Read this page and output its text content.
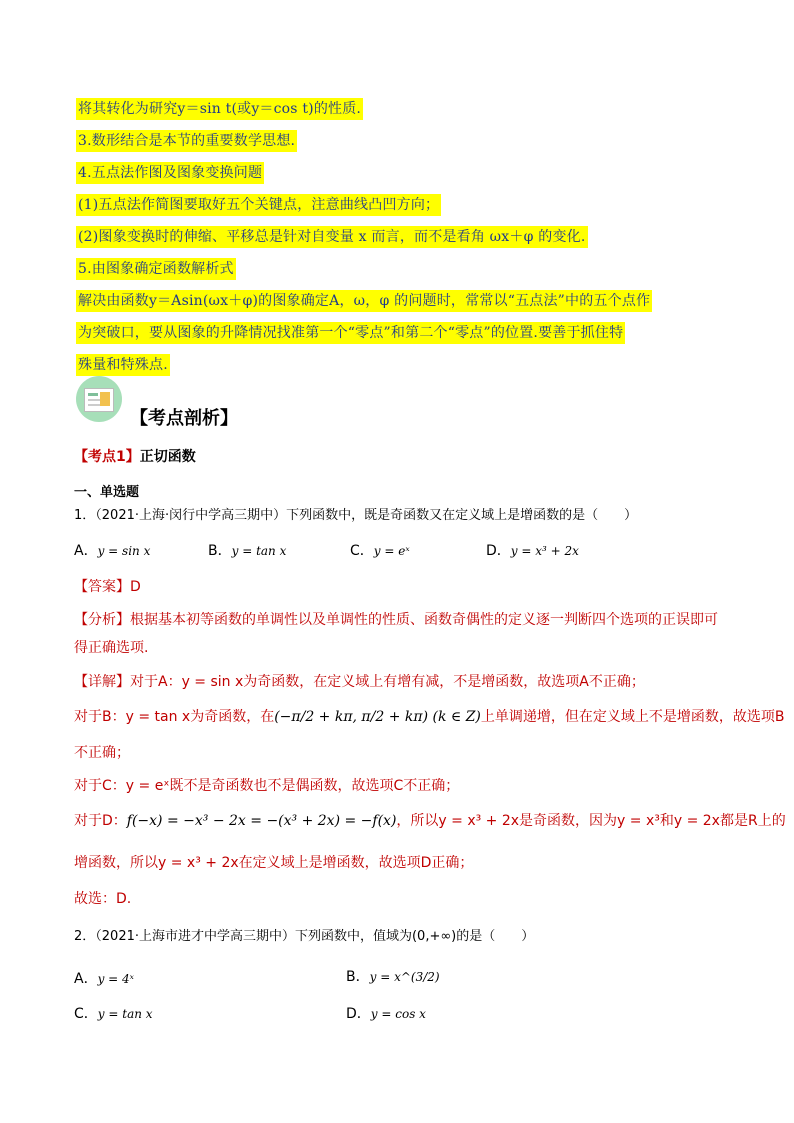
将其转化为研究y＝sin t(或y＝cos t)的性质.
3.数形结合是本节的重要数学思想.
4.五点法作图及图象变换问题
(1)五点法作简图要取好五个关键点，注意曲线凸凹方向；
(2)图象变换时的伸缩、平移总是针对自变量 x 而言，而不是看角 ωx＋φ 的变化.
5.由图象确定函数解析式
解决由函数y＝Asin(ωx＋φ)的图象确定A，ω，φ 的问题时，常常以“五点法”中的五个点作
为突破口，要从图象的升降情况找准第一个“零点”和第二个“零点”的位置.要善于抓住特
殊量和特殊点.
【考点剖析】
【考点1】正切函数
一、单选题
1．（2021·上海·闵行中学高三期中）下列函数中，既是奇函数又在定义域上是增函数的是（　　）
A．y = sin x	B．y = tan x	C．y = eˣ	D．y = x³ + 2x
【答案】D
【分析】根据基本初等函数的单调性以及单调性的性质、函数奇偶性的定义逐一判断四个选项的正误即可
得正确选项.
【详解】对于A：y = sin x为奇函数，在定义域上有增有减，不是增函数，故选项A不正确；
对于B：y = tan x为奇函数，在(−π/2 + kπ, π/2 + kπ) (k ∈ Z)上单调递增，但在定义域上不是增函数，故选项B
不正确；
对于C：y = eˣ既不是奇函数也不是偶函数，故选项C不正确；
对于D：f(−x) = −x³ − 2x = −(x³ + 2x) = −f(x)，所以y = x³ + 2x是奇函数，因为y = x³和y = 2x都是R上的
增函数，所以y = x³ + 2x在定义域上是增函数，故选项D正确；
故选：D.
2．（2021·上海市进才中学高三期中）下列函数中，值域为(0,+∞)的是（　　）
A．y = 4ˣ	B．y = x^(3/2)
C．y = tan x	D．y = cos x
